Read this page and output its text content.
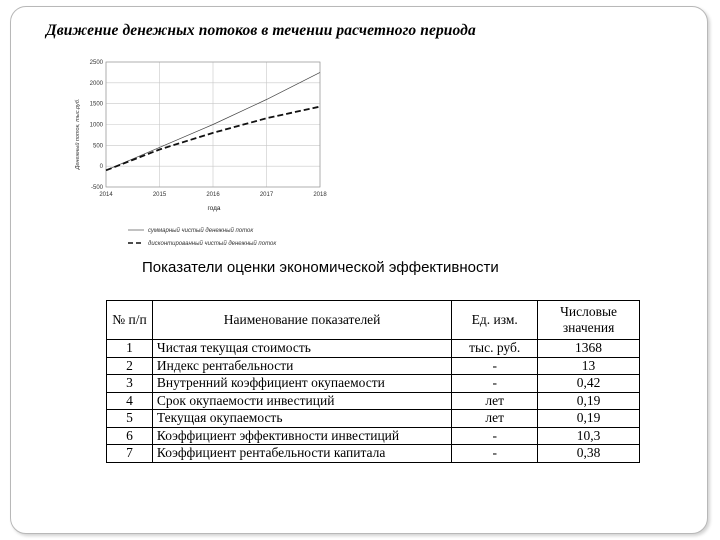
Движение денежных потоков в течении расчетного периода
2500
2000
1500
1000
500
0
-500
2014	2015	2016	2017	2018
Денежный поток, тыс.руб.
года
суммарный чистый денежный поток
дисконтированный чистый денежный поток
Показатели оценки экономической эффективности
№ п/п	Наименование показателей	Ед. изм.	Числовые значения
1	Чистая текущая стоимость	тыс. руб.	1368
2	Индекс рентабельности	-	13
3	Внутренний коэффициент окупаемости	-	0,42
4	Срок окупаемости инвестиций	лет	0,19
5	Текущая окупаемость	лет	0,19
6	Коэффициент эффективности инвестиций	-	10,3
7	Коэффициент рентабельности капитала	-	0,38
